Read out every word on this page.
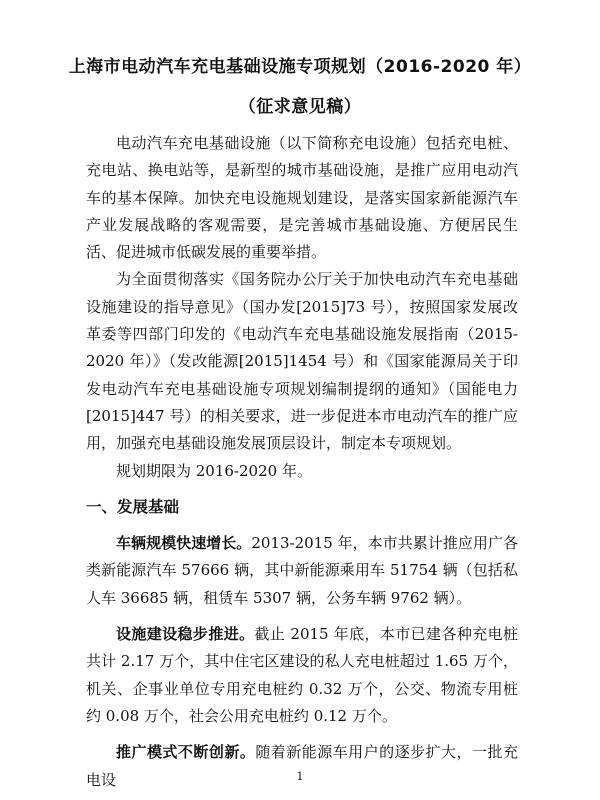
上海市电动汽车充电基础设施专项规划（2016-2020 年）
（征求意见稿）

电动汽车充电基础设施（以下简称充电设施）包括充电桩、充电站、换电站等，是新型的城市基础设施，是推广应用电动汽车的基本保障。加快充电设施规划建设，是落实国家新能源汽车产业发展战略的客观需要，是完善城市基础设施、方便居民生活、促进城市低碳发展的重要举措。

为全面贯彻落实《国务院办公厅关于加快电动汽车充电基础设施建设的指导意见》（国办发[2015]73 号），按照国家发展改革委等四部门印发的《电动汽车充电基础设施发展指南（2015-2020 年）》（发改能源[2015]1454 号）和《国家能源局关于印发电动汽车充电基础设施专项规划编制提纲的通知》（国能电力[2015]447 号）的相关要求，进一步促进本市电动汽车的推广应用，加强充电基础设施发展顶层设计，制定本专项规划。

规划期限为 2016-2020 年。

一、发展基础

车辆规模快速增长。2013-2015 年，本市共累计推应用广各类新能源汽车 57666 辆，其中新能源乘用车 51754 辆（包括私人车 36685 辆，租赁车 5307 辆，公务车辆 9762 辆）。

设施建设稳步推进。截止 2015 年底，本市已建各种充电桩共计 2.17 万个，其中住宅区建设的私人充电桩超过 1.65 万个，机关、企事业单位专用充电桩约 0.32 万个，公交、物流专用桩约 0.08 万个，社会公用充电桩约 0.12 万个。

推广模式不断创新。随着新能源车用户的逐步扩大，一批充电设	1
